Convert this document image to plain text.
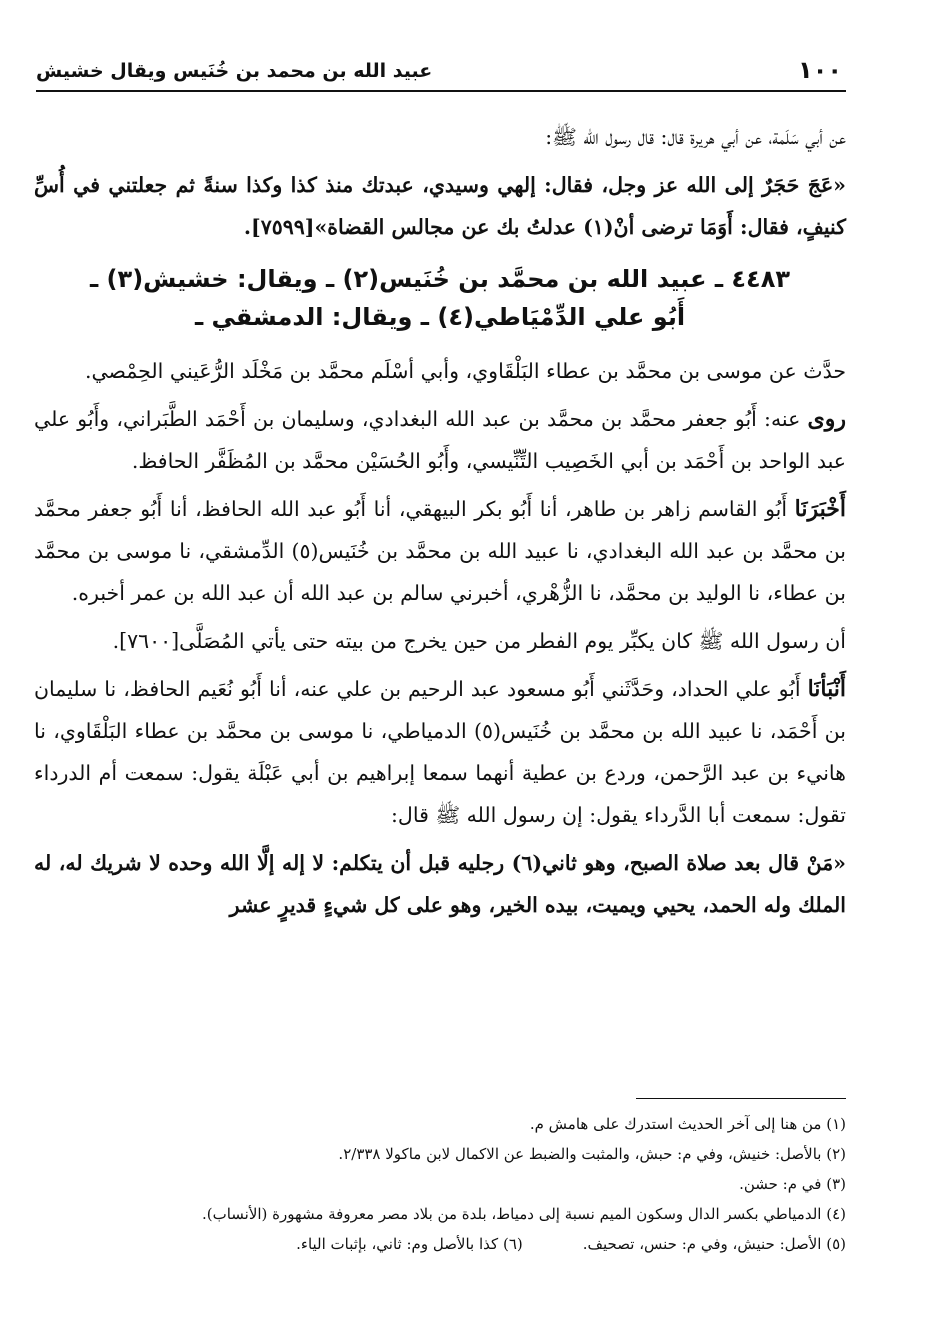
١٠٠
عبيد الله بن محمد بن خُنَيس ويقال خشيش

عن أبي سَلَمة، عن أبي هريرة قال: قال رسول الله ﷺ:

«عَجَ حَجَرٌ إلى الله عز وجل، فقال: إلهي وسيدي، عبدتك منذ كذا وكذا سنةً ثم جعلتني في أُسِّ كنيفٍ، فقال: أَوَمَا ترضى أنْ(١) عدلتُ بك عن مجالس القضاة»[٧٥٩٩].

٤٤٨٣ ـ عبيد الله بن محمَّد بن خُنَيس(٢) ـ ويقال: خشيش(٣) ـ
أَبُو علي الدِّمْيَاطي(٤) ـ ويقال: الدمشقي ـ

حدَّث عن موسى بن محمَّد بن عطاء البَلْقَاوي، وأبي أسْلَم محمَّد بن مَخْلَد الرُّعَيني الحِمْصي.

روى عنه: أَبُو جعفر محمَّد بن محمَّد بن عبد الله البغدادي، وسليمان بن أَحْمَد الطَّبَراني، وأَبُو علي عبد الواحد بن أَحْمَد بن أبي الخَصِيب التِّنِّيسي، وأَبُو الحُسَيْن محمَّد بن المُظَفَّر الحافظ.

أَخْبَرَنَا أَبُو القاسم زاهر بن طاهر، أنا أَبُو بكر البيهقي، أنا أَبُو عبد الله الحافظ، أنا أَبُو جعفر محمَّد بن محمَّد بن عبد الله البغدادي، نا عبيد الله بن محمَّد بن خُنَيس(٥) الدِّمشقي، نا موسى بن محمَّد بن عطاء، نا الوليد بن محمَّد، نا الزُّهْري، أخبرني سالم بن عبد الله أن عبد الله بن عمر أخبره.

أن رسول الله ﷺ كان يكبِّر يوم الفطر من حين يخرج من بيته حتى يأتي المُصَلَّى[٧٦٠٠].

أَنْبَأنَا أَبُو علي الحداد، وحَدَّثَني أَبُو مسعود عبد الرحيم بن علي عنه، أنا أَبُو نُعَيم الحافظ، نا سليمان بن أَحْمَد، نا عبيد الله بن محمَّد بن خُنَيس(٥) الدمياطي، نا موسى بن محمَّد بن عطاء البَلْقَاوي، نا هانيء بن عبد الرَّحمن، وردع بن عطية أنهما سمعا إبراهيم بن أبي عَبْلَة يقول: سمعت أم الدرداء تقول: سمعت أبا الدَّرداء يقول: إن رسول الله ﷺ قال:

«مَنْ قال بعد صلاة الصبح، وهو ثاني(٦) رجليه قبل أن يتكلم: لا إله إلَّا الله وحده لا شريك له، له الملك وله الحمد، يحيي ويميت، بيده الخير، وهو على كل شيءٍ قديرٍ عشر

(١) من هنا إلى آخر الحديث استدرك على هامش م.
(٢) بالأصل: خنيش، وفي م: حبش، والمثبت والضبط عن الاكمال لابن ماكولا ٢/٣٣٨.
(٣) في م: حشن.
(٤) الدمياطي بكسر الدال وسكون الميم نسبة إلى دمياط، بلدة من بلاد مصر معروفة مشهورة (الأنساب).
(٥) الأصل: حنيش، وفي م: حنس، تصحيف.
(٦) كذا بالأصل وم: ثاني، بإثبات الياء.
